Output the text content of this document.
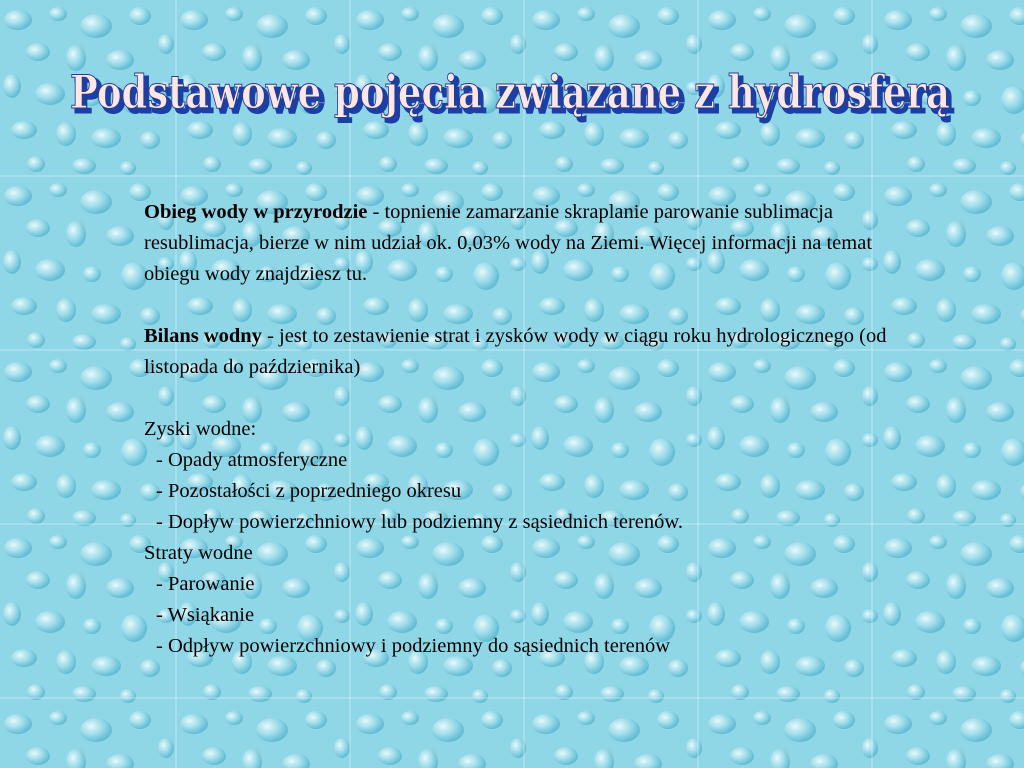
Podstawowe pojęcia związane z hydrosferą
Podstawowe pojęcia związane z hydrosferą

Obieg wody w przyrodzie - topnienie zamarzanie skraplanie parowanie sublimacja resublimacja, bierze w nim udział ok. 0,03% wody na Ziemi. Więcej informacji na temat obiegu wody znajdziesz tu.

Bilans wodny - jest to zestawienie strat i zysków wody w ciągu roku hydrologicznego (od listopada do października)

Zyski wodne:

- Opady atmosferyczne

- Pozostałości z poprzedniego okresu

- Dopływ powierzchniowy lub podziemny z sąsiednich terenów.

Straty wodne

- Parowanie

- Wsiąkanie

- Odpływ powierzchniowy i podziemny do sąsiednich terenów
